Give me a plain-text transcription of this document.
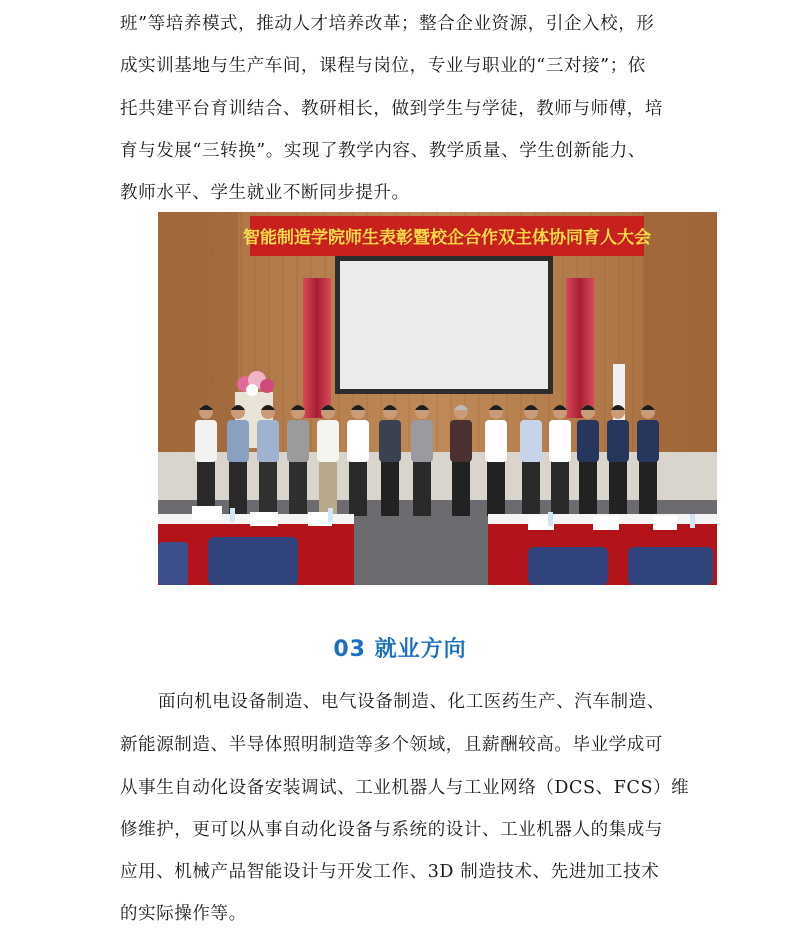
班”等培养模式，推动人才培养改革；整合企业资源，引企入校，形
成实训基地与生产车间，课程与岗位，专业与职业的“三对接”；依
托共建平台育训结合、教研相长，做到学生与学徒，教师与师傅，培
育与发展“三转换”。实现了教学内容、教学质量、学生创新能力、
教师水平、学生就业不断同步提升。
智能制造学院师生表彰暨校企合作双主体协同育人大会
03 就业方向
面向机电设备制造、电气设备制造、化工医药生产、汽车制造、
新能源制造、半导体照明制造等多个领域，且薪酬较高。毕业学成可
从事生自动化设备安装调试、工业机器人与工业网络（DCS、FCS）维
修维护，更可以从事自动化设备与系统的设计、工业机器人的集成与
应用、机械产品智能设计与开发工作、3D 制造技术、先进加工技术
的实际操作等。
